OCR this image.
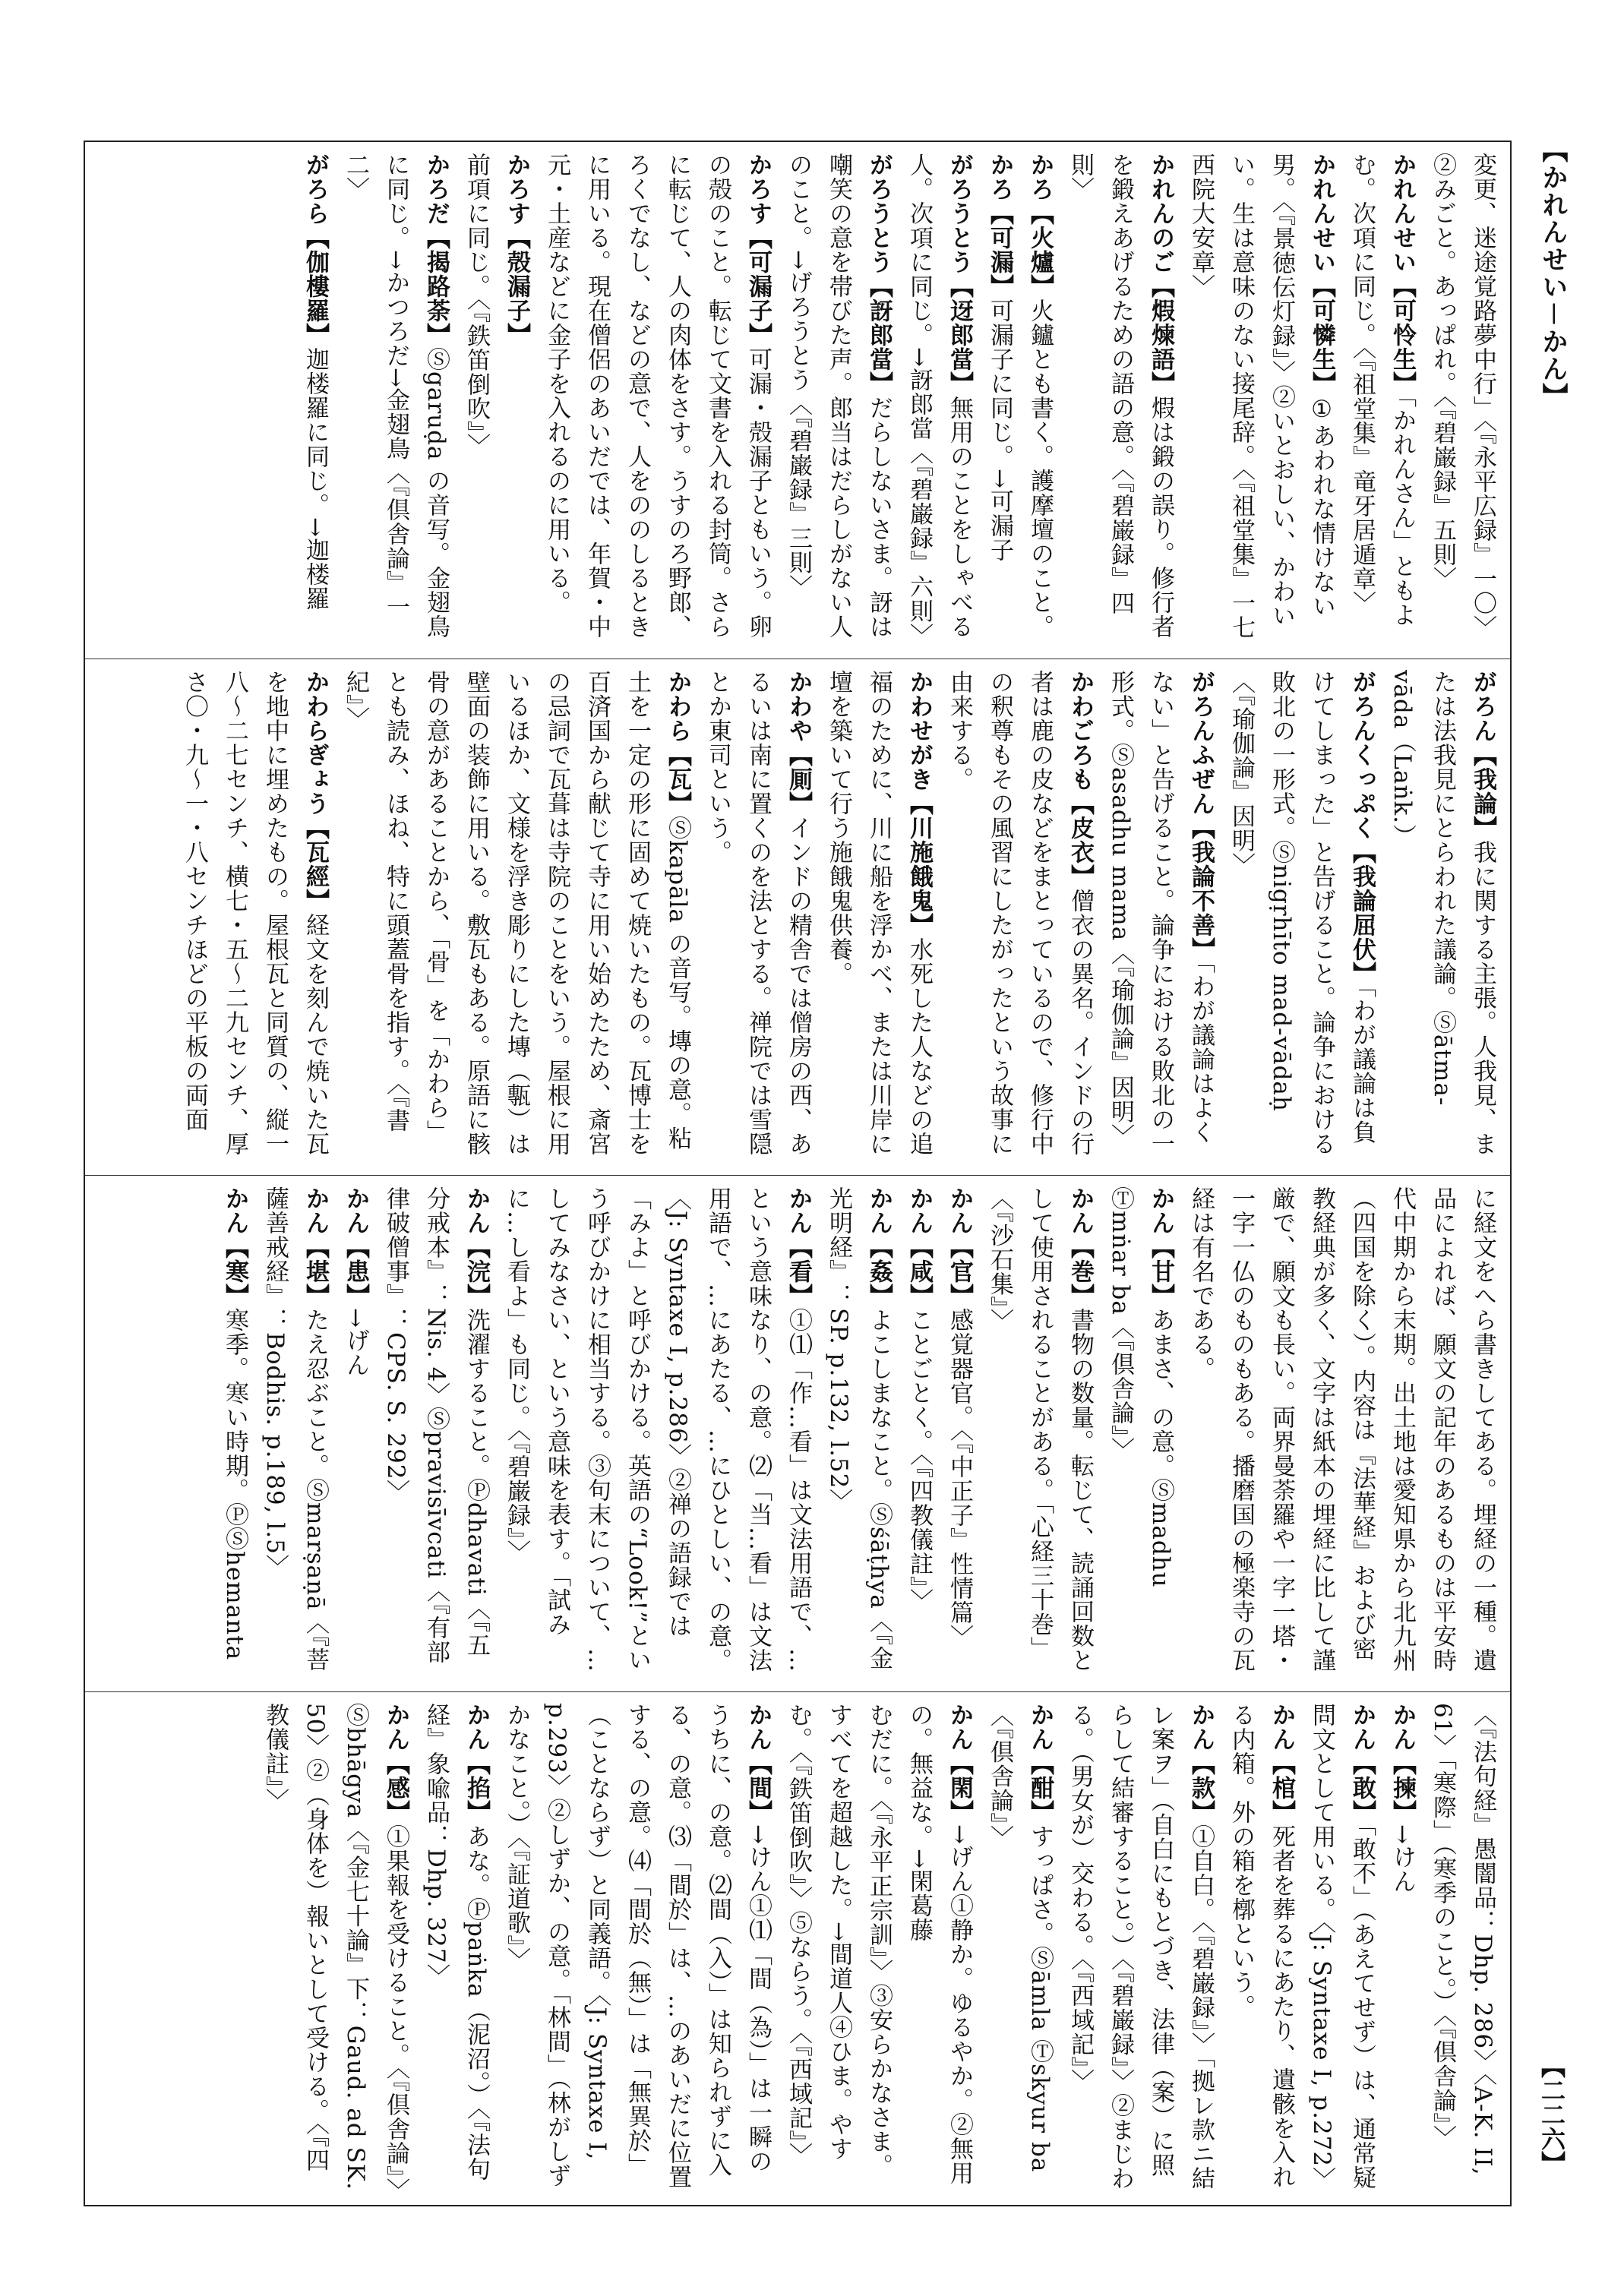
【かれんせい－かん】
【二二六】

変更、迷途覚路夢中行」〈『永平広録』一〇〉

②みごと。あっぱれ。〈『碧巌録』五則〉

かれんせい【可怜生】「かれんさん」ともよむ。次項に同じ。〈『祖堂集』竜牙居遁章〉

かれんせい【可憐生】①あわれな情けない男。〈『景徳伝灯録』〉②いとおしい、かわいい。生は意味のない接尾辞。〈『祖堂集』一七 西院大安章〉

かれんのご【煆煉語】煆は鍛の誤り。修行者を鍛えあげるための語の意。〈『碧巌録』四則〉

かろ【火爐】火鑪とも書く。護摩壇のこと。

かろ【可漏】可漏子に同じ。→可漏子

がろうとう【迓郎當】無用のことをしゃべる人。次項に同じ。→訝郎當〈『碧巌録』六則〉

がろうとう【訝郎當】だらしないさま。訝は嘲笑の意を帯びた声。郎当はだらしがない人のこと。→げろうとう〈『碧巌録』三則〉

かろす【可漏子】可漏・殻漏子ともいう。卵の殻のこと。転じて文書を入れる封筒。さらに転じて、人の肉体をさす。うすのろ野郎、ろくでなし、などの意で、人をののしるときに用いる。現在僧侶のあいだでは、年賀・中元・土産などに金子を入れるのに用いる。

かろす【殻漏子】前項に同じ。〈『鉄笛倒吹』〉

かろだ【揭路荼】Ⓢgaruḍa の音写。金翅鳥に同じ。→かつろだ→金翅鳥〈『倶舎論』一二〉

がろら【伽樓羅】迦楼羅に同じ。→迦楼羅

がろん【我論】我に関する主張。人我見、または法我見にとらわれた議論。Ⓢātma-vāda（Laṅk.）

がろんくっぷく【我論屈伏】「わが議論は負けてしまった」と告げること。論争における敗北の一形式。Ⓢnigṛhīto mad-vādaḥ〈『瑜伽論』因明〉

がろんふぜん【我論不善】「わが議論はよくない」と告げること。論争における敗北の一形式。Ⓢasadhu mama〈『瑜伽論』因明〉

かわごろも【皮衣】僧衣の異名。インドの行者は鹿の皮などをまとっているので、修行中の釈尊もその風習にしたがったという故事に由来する。

かわせがき【川施餓鬼】水死した人などの追福のために、川に船を浮かべ、または川岸に壇を築いて行う施餓鬼供養。

かわや【厠】インドの精舎では僧房の西、あるいは南に置くのを法とする。禅院では雪隠とか東司という。

かわら【瓦】Ⓢkapāla の音写。塼の意。粘土を一定の形に固めて焼いたもの。瓦博士を百済国から献じて寺に用い始めたため、斎宮の忌詞で瓦葺は寺院のことをいう。屋根に用いるほか、文様を浮き彫りにした塼（甎）は壁面の装飾に用いる。敷瓦もある。原語に骸骨の意があることから、「骨」を「かわら」とも読み、ほね、特に頭蓋骨を指す。〈『書紀』〉

かわらぎょう【瓦經】経文を刻んで焼いた瓦を地中に埋めたもの。屋根瓦と同質の、縦一八～二七センチ、横七・五～二九センチ、厚さ〇・九～一・八センチほどの平板の両面

に経文をへら書きしてある。埋経の一種。遺品によれば、願文の記年のあるものは平安時代中期から末期。出土地は愛知県から北九州（四国を除く）。内容は『法華経』および密教経典が多く、文字は紙本の埋経に比して謹厳で、願文も長い。両界曼荼羅や一字一塔・一字一仏のものもある。播磨国の極楽寺の瓦経は有名である。

かん【甘】あまさ、の意。Ⓢmadhu Ⓣmṅar ba〈『倶舎論』〉

かん【巻】書物の数量。転じて、読誦回数として使用されることがある。「心経三十巻」〈『沙石集』〉

かん【官】感覚器官。〈『中正子』性情篇〉

かん【咸】ことごとく。〈『四教儀註』〉

かん【姦】よこしまなこと。Ⓢśāṭhya〈『金光明経』：SP. p.132, l.52〉

かん【看】①⑴「作…看」は文法用語で、…という意味なり、の意。⑵「当…看」は文法用語で、…にあたる、…にひとしい、の意。〈J: Syntaxe I, p.286〉②禅の語録では「みよ」と呼びかける。英語の“Look!”という呼びかけに相当する。③句末について、…してみなさい、という意味を表す。「試みに…し看よ」も同じ。〈『碧巌録』〉

かん【浣】洗濯すること。Ⓟdhavati〈『五分戒本』：Nis. 4〉Ⓢpravisīvcati〈『有部律破僧事』：CPS. S. 292〉

かん【患】→げん

かん【堪】たえ忍ぶこと。Ⓢmarṣaṇā〈『菩薩善戒経』：Bodhis. p.189, l.5〉

かん【寒】寒季。寒い時期。ⓅⓈhemanta

〈『法句経』愚闇品：Dhp. 286〉〈A-K. II, 61〉「寒際」（寒季のこと。）〈『倶舎論』〉

かん【揀】→けん

かん【敢】「敢不」（あえてせず）は、通常疑問文として用いる。〈J: Syntaxe I, p.272〉

かん【棺】死者を葬るにあたり、遺骸を入れる内箱。外の箱を槨という。

かん【款】①自白。〈『碧巌録』〉「拠レ款ニ結レ案ヲ」（自白にもとづき、法律（案）に照らして結審すること。）〈『碧巌録』〉②まじわる。（男女が）交わる。〈『西域記』〉

かん【酣】すっぱさ。Ⓢāmla Ⓣskyur ba〈『倶舎論』〉

かん【閑】→げん①静か。ゆるやか。②無用の。無益な。→閑葛藤

むだに。〈『永平正宗訓』〉③安らかなさま。すべてを超越した。→間道人④ひま。やすむ。〈『鉄笛倒吹』〉⑤ならう。〈『西域記』〉

かん【間】→けん①⑴「間（為）」は一瞬のうちに、の意。⑵間（入）」は知られずに入る、の意。⑶「間於」は、…のあいだに位置する、の意。⑷「間於（無）」は「無異於」（ことならず）と同義語。〈J: Syntaxe I, p.293〉②しずか、の意。「林間」（林がしずかなこと。）〈『証道歌』〉

かん【掐】あな。Ⓟpaṅka（泥沼。）〈『法句経』象喩品：Dhp. 327〉

かん【感】①果報を受けること。〈『倶舎論』〉Ⓢbhāgya〈『金七十論』下：Gaud. ad SK. 50〉②（身体を）報いとして受ける。〈『四教儀註』〉
